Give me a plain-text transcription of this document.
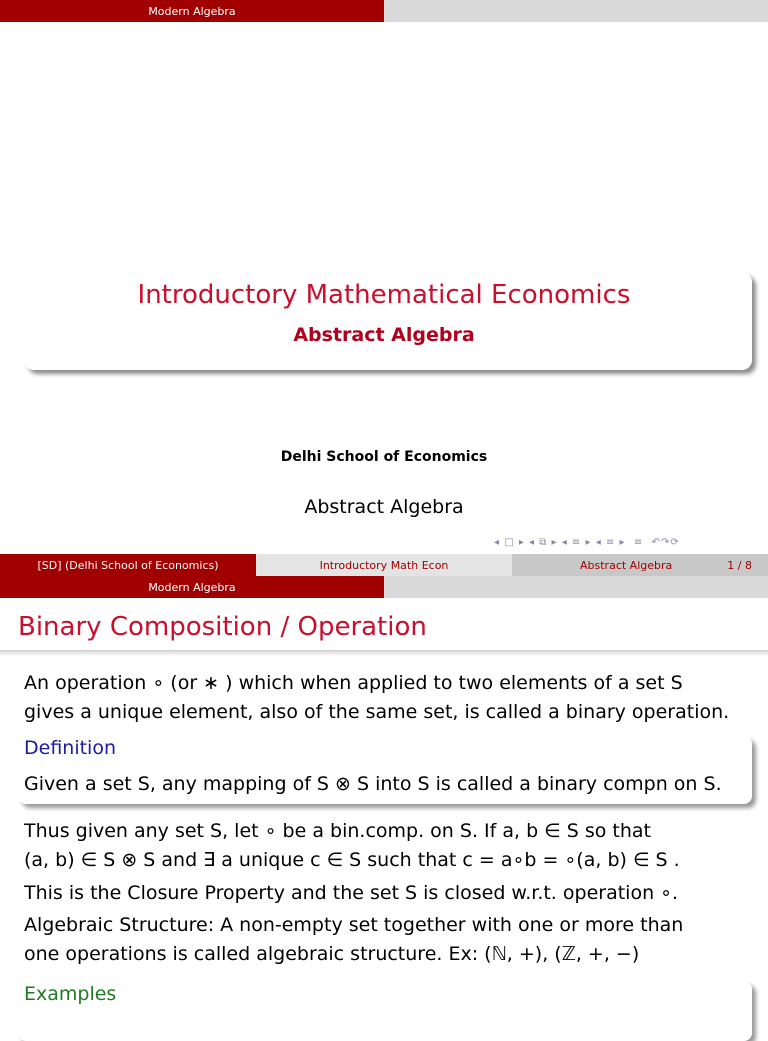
Modern Algebra
Introductory Mathematical Economics
Abstract Algebra
Delhi School of Economics
Abstract Algebra
◂ □ ▸ ◂ ⧉ ▸ ◂ ≡ ▸ ◂ ≡ ▸  ≡  ↶↷⟳
[SD] (Delhi School of Economics)	Introductory Math Econ	Abstract Algebra	1 / 8
Modern Algebra
Binary Composition / Operation
An operation ∘ (or ∗ ) which when applied to two elements of a set S
gives a unique element, also of the same set, is called a binary operation.
Definition
Given a set S, any mapping of S ⊗ S into S is called a binary compn on S.
Thus given any set S, let ∘ be a bin.comp. on S. If a, b ∈ S so that
(a, b) ∈ S ⊗ S and ∃ a unique c ∈ S such that c = a∘b = ∘(a, b) ∈ S .
This is the Closure Property and the set S is closed w.r.t. operation ∘.
Algebraic Structure: A non-empty set together with one or more than
one operations is called algebraic structure. Ex: (ℕ, +), (ℤ, +, −)
Examples
